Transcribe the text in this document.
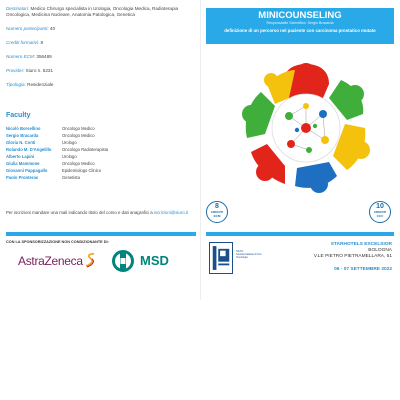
Destinatari: Medico Chirurgo specialista in Urologia, Oncologia Medica, Radioterapia Oncologica, Medicina Nucleare, Anatomia Patologica, Genetica
Numero partecipanti: 40
Crediti formativi: 8
Numero ECM: 356489
Provider: Siuro n. 5231
Tipologia: Residenziale
Faculty
Nicolò Borsellino	Oncologo Medico
Sergio Bracarda	Oncologo Medico
Gloria N. Conti	Urologo
Rolando M. D'Angelillo	Oncologo Radioterapista
Alberto Lapini	Urologo
Giulia Mammone	Oncologo Medico
Giovanni Pappagallo	Epidemiologo Clinico
Paolo Pronteras	Genetista
Per iscrizioni mandare una mail indicando titolo del corso e dati anagrafici a iscrizioni@siuro.it
CON LA SPONSORIZZAZIONE NON CONDIZIONANTE DI:
AstraZeneca	MSD
MINICOUNSELING
Responsabile Scientifico: Sergio Bracarda
definizione di un percorso nel paziente con carcinoma prostatico mutato
8
CREDITI
ECM
10
CREDITI
CCC
SIUrO
Società Italiana di Uro-Oncologia
STARHOTELS EXCELSIOR
BOLOGNA
V.LE PIETRO PIETRAMELLARA, 51
06 - 07 SETTEMBRE 2022
